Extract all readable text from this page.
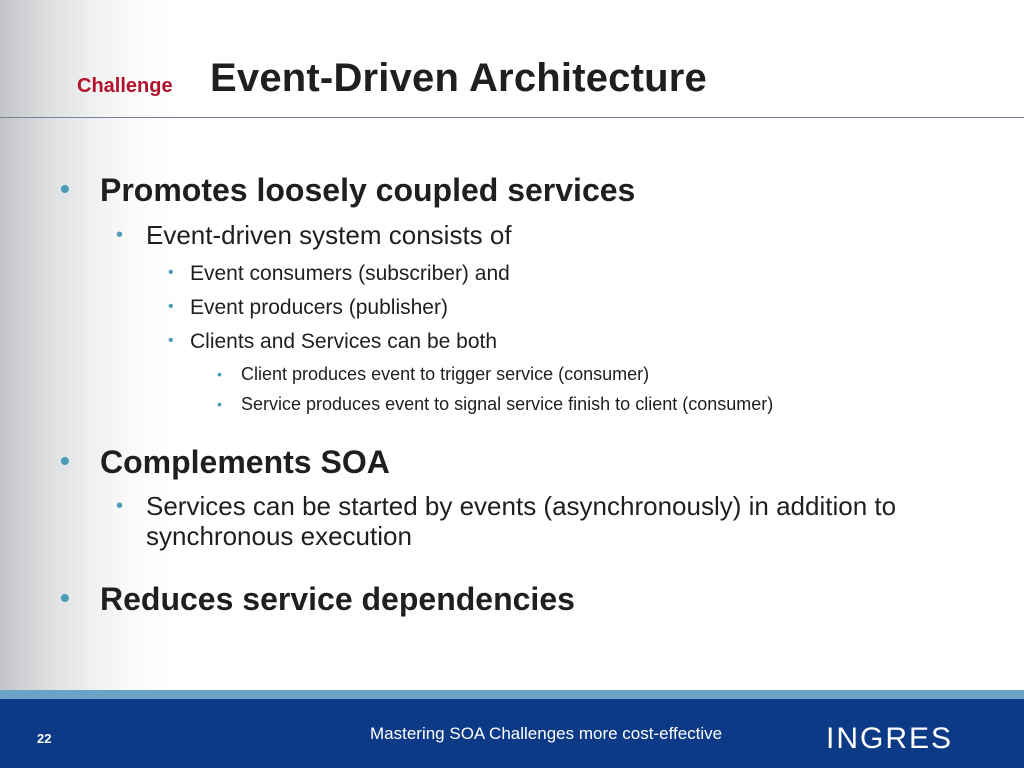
Challenge Event-Driven Architecture
• Promotes loosely coupled services
• Event-driven system consists of
• Event consumers (subscriber) and
• Event producers (publisher)
• Clients and Services can be both
• Client produces event to trigger service (consumer)
• Service produces event to signal service finish to client (consumer)
• Complements SOA
• Services can be started by events (asynchronously) in addition to synchronous execution
• Reduces service dependencies
22	Mastering SOA Challenges more cost-effective	INGRES
